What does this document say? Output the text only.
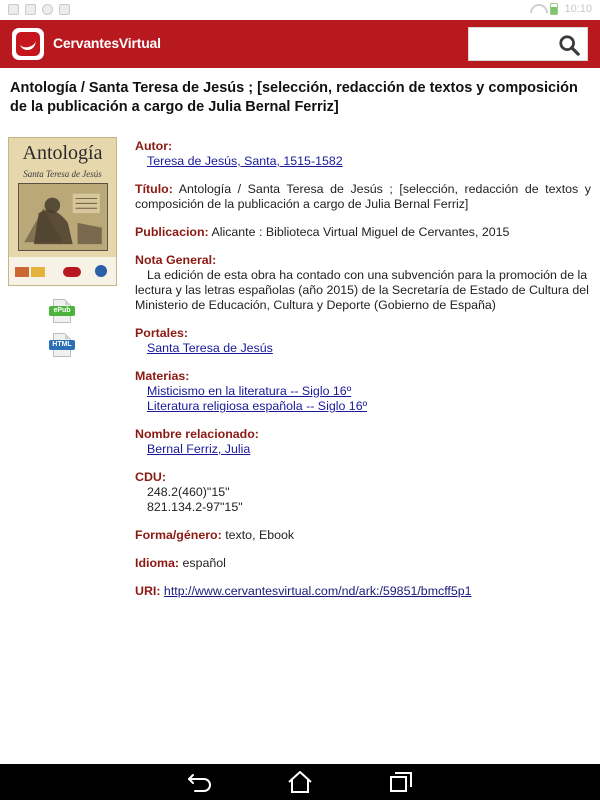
10:10
CervantesVirtual
Antología / Santa Teresa de Jesús ; [selección, redacción de textos y composición de la publicación a cargo de Julia Bernal Ferriz]
Antología
Santa Teresa de Jesús
ePub
HTML
Autor:
Teresa de Jesús, Santa, 1515-1582
Título: Antología / Santa Teresa de Jesús ; [selección, redacción de textos y composición de la publicación a cargo de Julia Bernal Ferriz]
Publicacion: Alicante : Biblioteca Virtual Miguel de Cervantes, 2015
Nota General:
La edición de esta obra ha contado con una subvención para la promoción de la lectura y las letras españolas (año 2015) de la Secretaría de Estado de Cultura del Ministerio de Educación, Cultura y Deporte (Gobierno de España)
Portales:
Santa Teresa de Jesús
Materias:
Misticismo en la literatura -- Siglo 16º
Literatura religiosa española -- Siglo 16º
Nombre relacionado:
Bernal Ferriz, Julia
CDU:
248.2(460)"15"
821.134.2-97"15"
Forma/género: texto, Ebook
Idioma: español
URI: http://www.cervantesvirtual.com/nd/ark:/59851/bmcff5p1
